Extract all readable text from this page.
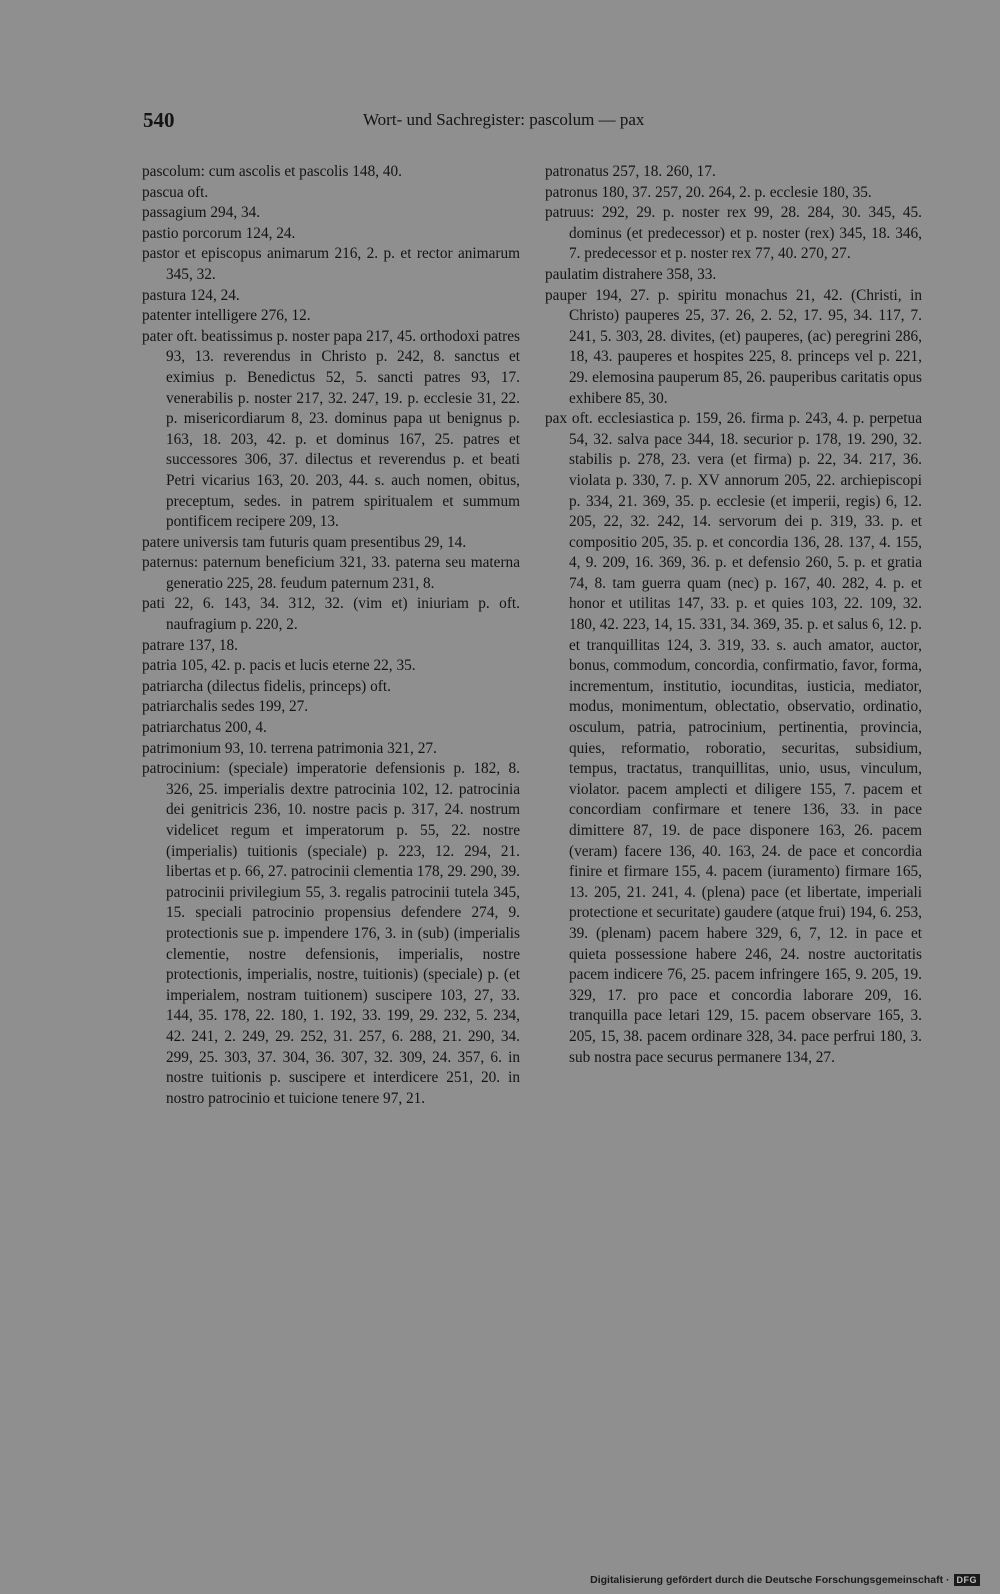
540	Wort- und Sachregister: pascolum — pax

pascolum: cum ascolis et pascolis 148, 40.

pascua oft.

passagium 294, 34.

pastio porcorum 124, 24.

pastor et episcopus animarum 216, 2. p. et rector animarum 345, 32.

pastura 124, 24.

patenter intelligere 276, 12.

pater oft. beatissimus p. noster papa 217, 45. orthodoxi patres 93, 13. reverendus in Christo p. 242, 8. sanctus et eximius p. Benedictus 52, 5. sancti patres 93, 17. venerabilis p. noster 217, 32. 247, 19. p. ecclesie 31, 22. p. misericordiarum 8, 23. dominus papa ut benignus p. 163, 18. 203, 42. p. et dominus 167, 25. patres et successores 306, 37. dilectus et reverendus p. et beati Petri vicarius 163, 20. 203, 44. s. auch nomen, obitus, preceptum, sedes. in patrem spiritualem et summum pontificem recipere 209, 13.

patere universis tam futuris quam presentibus 29, 14.

paternus: paternum beneficium 321, 33. paterna seu materna generatio 225, 28. feudum paternum 231, 8.

pati 22, 6. 143, 34. 312, 32. (vim et) iniuriam p. oft. naufragium p. 220, 2.

patrare 137, 18.

patria 105, 42. p. pacis et lucis eterne 22, 35.

patriarcha (dilectus fidelis, princeps) oft.

patriarchalis sedes 199, 27.

patriarchatus 200, 4.

patrimonium 93, 10. terrena patrimonia 321, 27.

patrocinium: (speciale) imperatorie defensionis p. 182, 8. 326, 25. imperialis dextre patrocinia 102, 12. patrocinia dei genitricis 236, 10. nostre pacis p. 317, 24. nostrum videlicet regum et imperatorum p. 55, 22. nostre (imperialis) tuitionis (speciale) p. 223, 12. 294, 21. libertas et p. 66, 27. patrocinii clementia 178, 29. 290, 39. patrocinii privilegium 55, 3. regalis patrocinii tutela 345, 15. speciali patrocinio propensius defendere 274, 9. protectionis sue p. impendere 176, 3. in (sub) (imperialis clementie, nostre defensionis, imperialis, nostre protectionis, imperialis, nostre, tuitionis) (speciale) p. (et imperialem, nostram tuitionem) suscipere 103, 27, 33. 144, 35. 178, 22. 180, 1. 192, 33. 199, 29. 232, 5. 234, 42. 241, 2. 249, 29. 252, 31. 257, 6. 288, 21. 290, 34. 299, 25. 303, 37. 304, 36. 307, 32. 309, 24. 357, 6. in nostre tuitionis p. suscipere et interdicere 251, 20. in nostro patrocinio et tuicione tenere 97, 21.

patronatus 257, 18. 260, 17.

patronus 180, 37. 257, 20. 264, 2. p. ecclesie 180, 35.

patruus: 292, 29. p. noster rex 99, 28. 284, 30. 345, 45. dominus (et predecessor) et p. noster (rex) 345, 18. 346, 7. predecessor et p. noster rex 77, 40. 270, 27.

paulatim distrahere 358, 33.

pauper 194, 27. p. spiritu monachus 21, 42. (Christi, in Christo) pauperes 25, 37. 26, 2. 52, 17. 95, 34. 117, 7. 241, 5. 303, 28. divites, (et) pauperes, (ac) peregrini 286, 18, 43. pauperes et hospites 225, 8. princeps vel p. 221, 29. elemosina pauperum 85, 26. pauperibus caritatis opus exhibere 85, 30.

pax oft. ecclesiastica p. 159, 26. firma p. 243, 4. p. perpetua 54, 32. salva pace 344, 18. securior p. 178, 19. 290, 32. stabilis p. 278, 23. vera (et firma) p. 22, 34. 217, 36. violata p. 330, 7. p. XV annorum 205, 22. archiepiscopi p. 334, 21. 369, 35. p. ecclesie (et imperii, regis) 6, 12. 205, 22, 32. 242, 14. servorum dei p. 319, 33. p. et compositio 205, 35. p. et concordia 136, 28. 137, 4. 155, 4, 9. 209, 16. 369, 36. p. et defensio 260, 5. p. et gratia 74, 8. tam guerra quam (nec) p. 167, 40. 282, 4. p. et honor et utilitas 147, 33. p. et quies 103, 22. 109, 32. 180, 42. 223, 14, 15. 331, 34. 369, 35. p. et salus 6, 12. p. et tranquillitas 124, 3. 319, 33. s. auch amator, auctor, bonus, commodum, concordia, confirmatio, favor, forma, incrementum, institutio, iocunditas, iusticia, mediator, modus, monimentum, oblectatio, observatio, ordinatio, osculum, patria, patrocinium, pertinentia, provincia, quies, reformatio, roboratio, securitas, subsidium, tempus, tractatus, tranquillitas, unio, usus, vinculum, violator. pacem amplecti et diligere 155, 7. pacem et concordiam confirmare et tenere 136, 33. in pace dimittere 87, 19. de pace disponere 163, 26. pacem (veram) facere 136, 40. 163, 24. de pace et concordia finire et firmare 155, 4. pacem (iuramento) firmare 165, 13. 205, 21. 241, 4. (plena) pace (et libertate, imperiali protectione et securitate) gaudere (atque frui) 194, 6. 253, 39. (plenam) pacem habere 329, 6, 7, 12. in pace et quieta possessione habere 246, 24. nostre auctoritatis pacem indicere 76, 25. pacem infringere 165, 9. 205, 19. 329, 17. pro pace et concordia laborare 209, 16. tranquilla pace letari 129, 15. pacem observare 165, 3. 205, 15, 38. pacem ordinare 328, 34. pace perfrui 180, 3. sub nostra pace securus permanere 134, 27.

Digitalisierung gefördert durch die Deutsche Forschungsgemeinschaft · DFG
